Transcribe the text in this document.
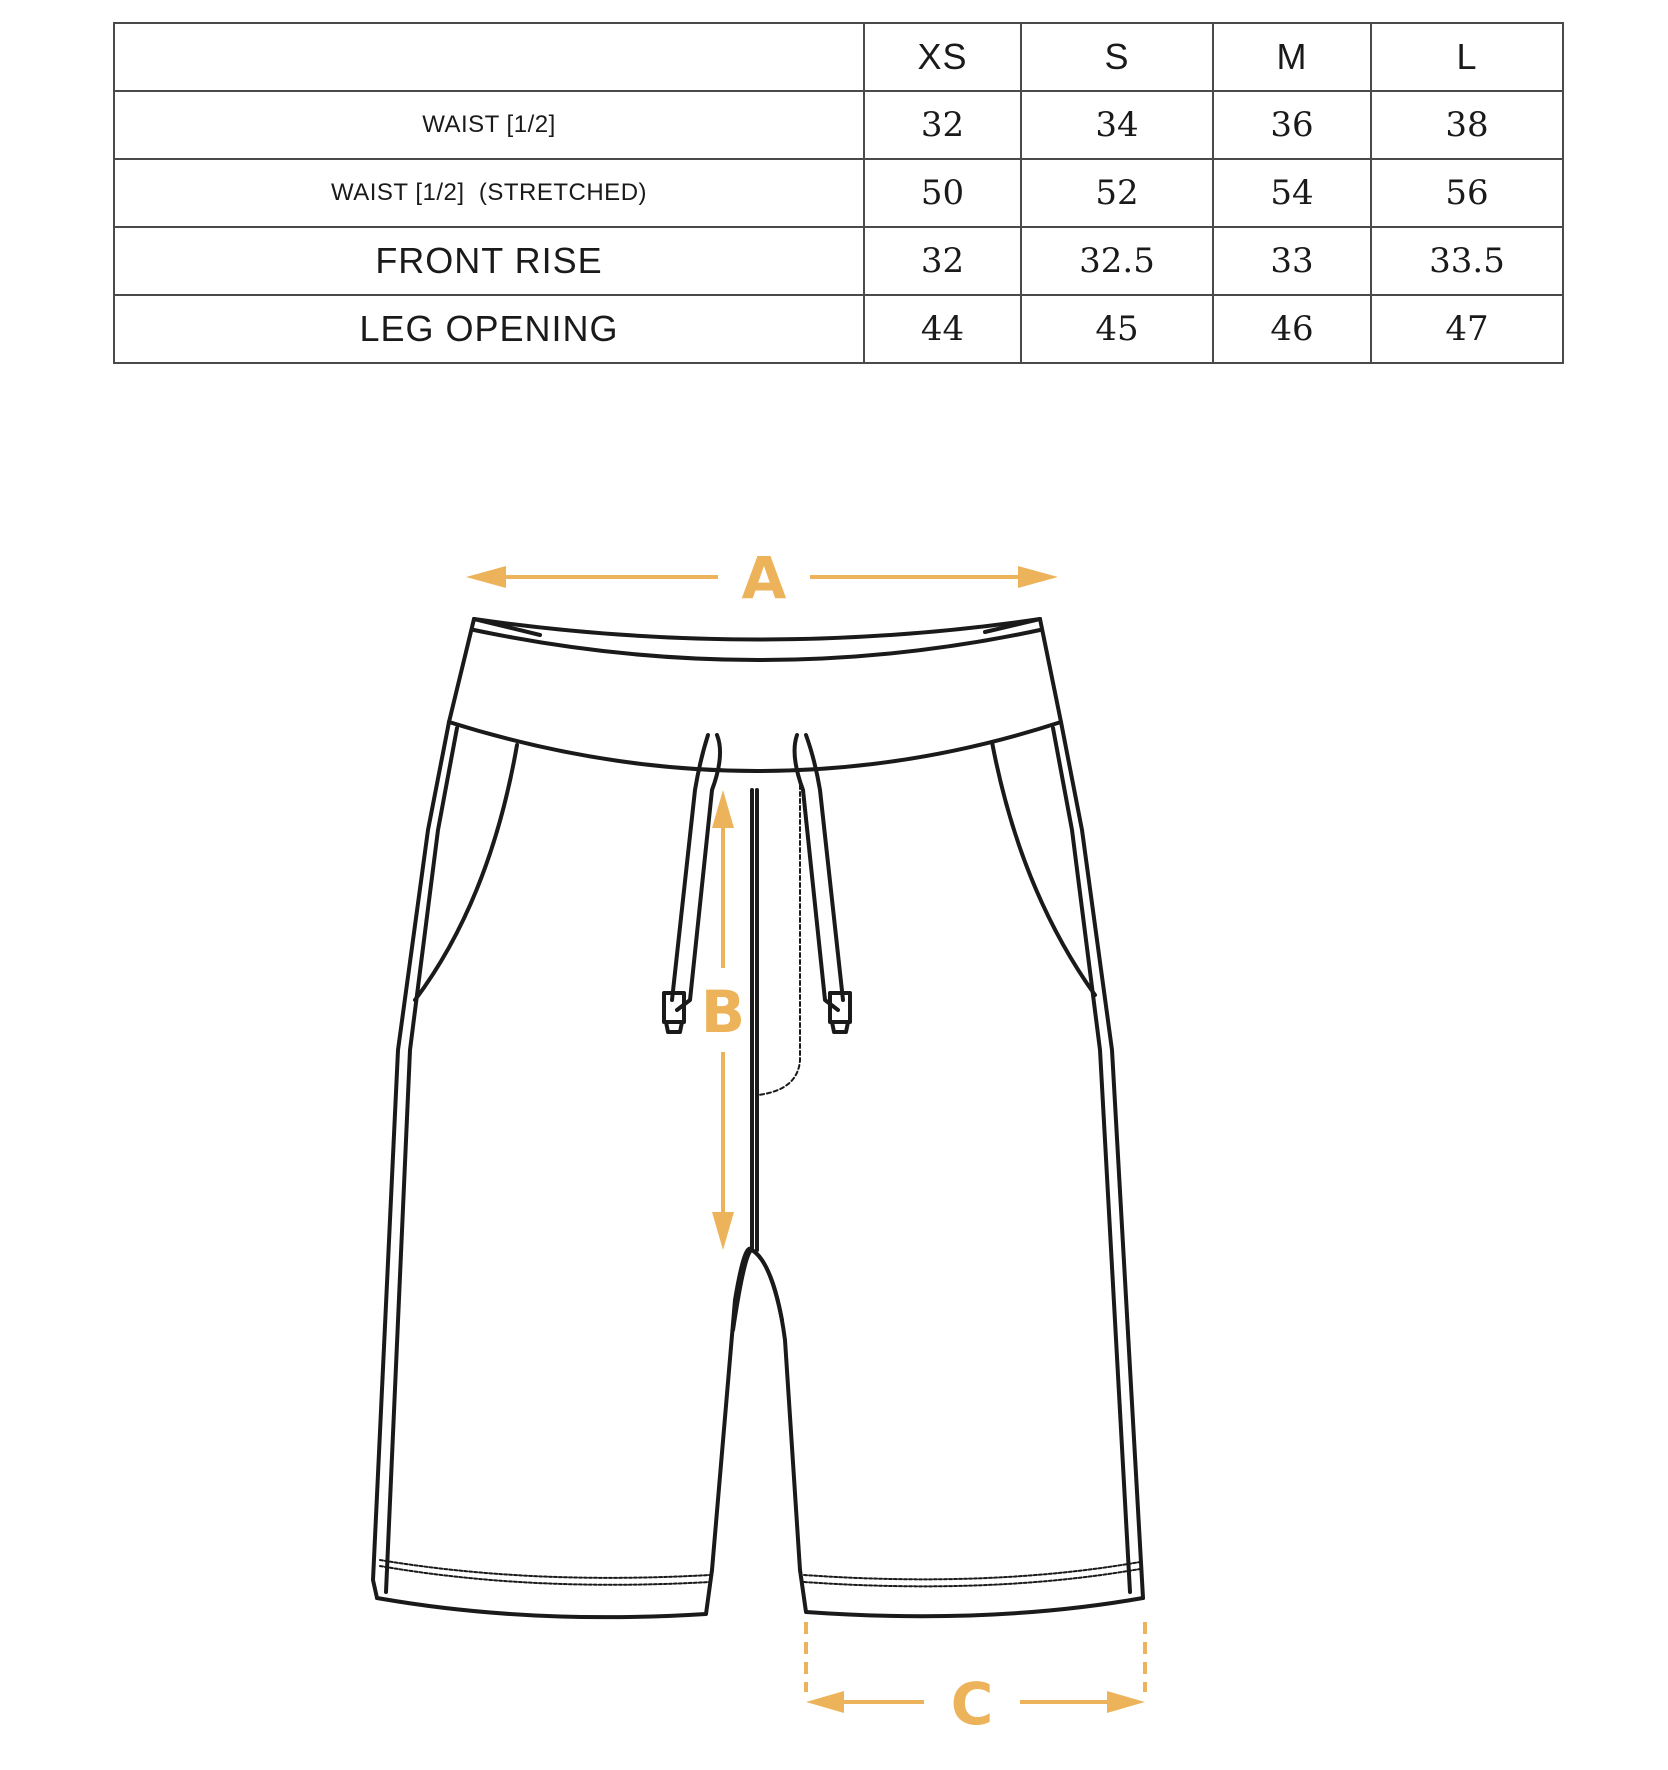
	XS	S	M	L
WAIST [1/2]	32	34	36	38
WAIST [1/2]  (STRETCHED)	50	52	54	56
FRONT RISE	32	32.5	33	33.5
LEG OPENING	44	45	46	47
A
B
C
